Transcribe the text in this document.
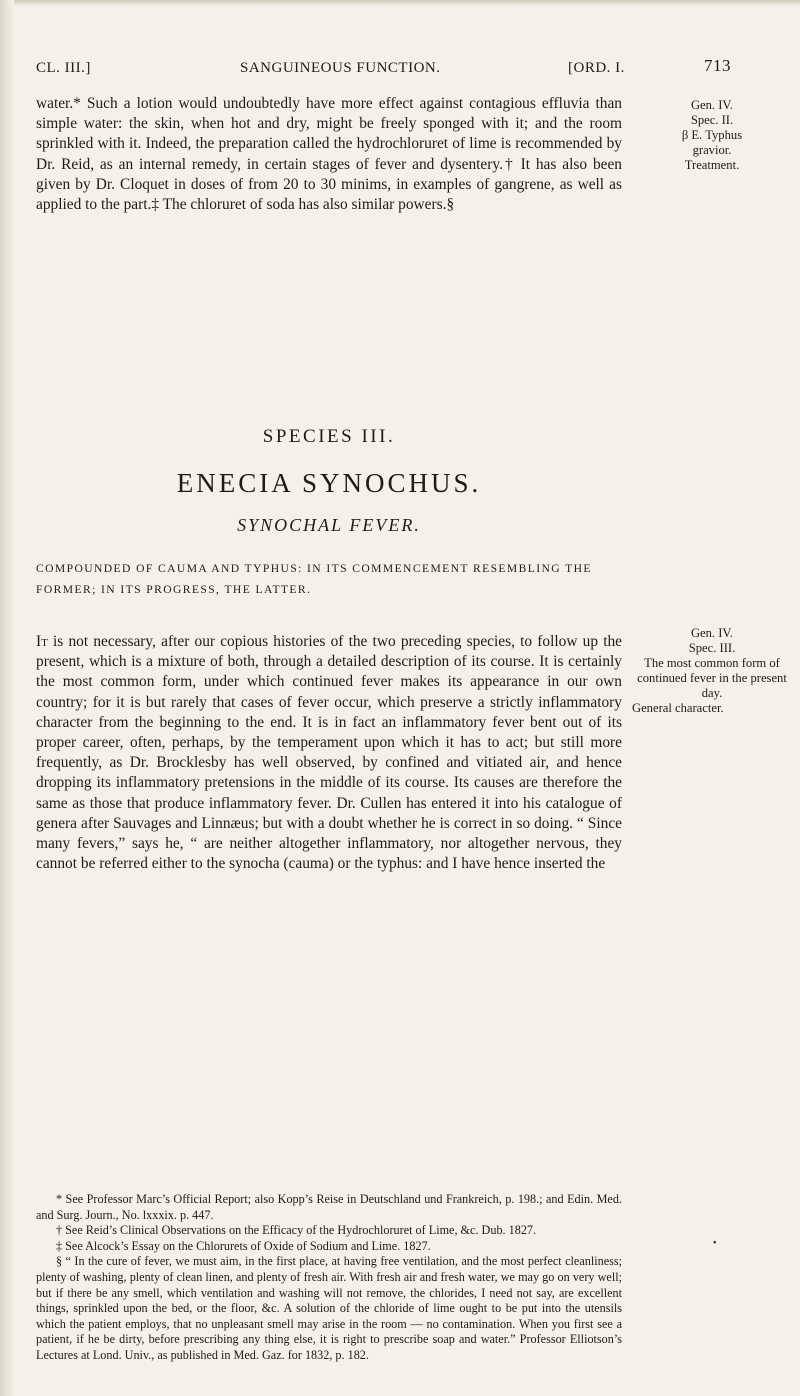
CL. III.]	SANGUINEOUS FUNCTION.	[ORD. I.	713
water.* Such a lotion would undoubtedly have more effect against contagious effluvia than simple water: the skin, when hot and dry, might be freely sponged with it; and the room sprinkled with it. Indeed, the preparation called the hydrochloruret of lime is recommended by Dr. Reid, as an internal remedy, in certain stages of fever and dysentery.† It has also been given by Dr. Cloquet in doses of from 20 to 30 minims, in examples of gangrene, as well as applied to the part.‡ The chloruret of soda has also similar powers.§
Gen. IV.
Spec. II.
β E. Typhus
gravior.
Treatment.
SPECIES III.
ENECIA SYNOCHUS.
SYNOCHAL FEVER.
COMPOUNDED OF CAUMA AND TYPHUS: IN ITS COMMENCEMENT RESEMBLING THE FORMER; IN ITS PROGRESS, THE LATTER.
It is not necessary, after our copious histories of the two preceding species, to follow up the present, which is a mixture of both, through a detailed description of its course. It is certainly the most common form, under which continued fever makes its appearance in our own country; for it is but rarely that cases of fever occur, which preserve a strictly inflammatory character from the beginning to the end. It is in fact an inflammatory fever bent out of its proper career, often, perhaps, by the temperament upon which it has to act; but still more frequently, as Dr. Brocklesby has well observed, by confined and vitiated air, and hence dropping its inflammatory pretensions in the middle of its course. Its causes are therefore the same as those that produce inflammatory fever. Dr. Cullen has entered it into his catalogue of genera after Sauvages and Linnæus; but with a doubt whether he is correct in so doing. “ Since many fevers,” says he, “ are neither altogether inflammatory, nor altogether nervous, they cannot be referred either to the synocha (cauma) or the typhus: and I have hence inserted the
Gen. IV.
Spec. III.
The most common form of continued fever in the present day.
General character.

* See Professor Marc’s Official Report; also Kopp’s Reise in Deutschland und Frankreich, p. 198.; and Edin. Med. and Surg. Journ., No. lxxxix. p. 447.

† See Reid’s Clinical Observations on the Efficacy of the Hydrochloruret of Lime, &c. Dub. 1827.

‡ See Alcock’s Essay on the Chlorurets of Oxide of Sodium and Lime. 1827.

§ “ In the cure of fever, we must aim, in the first place, at having free ventilation, and the most perfect cleanliness; plenty of washing, plenty of clean linen, and plenty of fresh air. With fresh air and fresh water, we may go on very well; but if there be any smell, which ventilation and washing will not remove, the chlorides, I need not say, are excellent things, sprinkled upon the bed, or the floor, &c. A solution of the chloride of lime ought to be put into the utensils which the patient employs, that no unpleasant smell may arise in the room — no contamination. When you first see a patient, if he be dirty, before prescribing any thing else, it is right to prescribe soap and water.” Professor Elliotson’s Lectures at Lond. Univ., as published in Med. Gaz. for 1832, p. 182.

•
